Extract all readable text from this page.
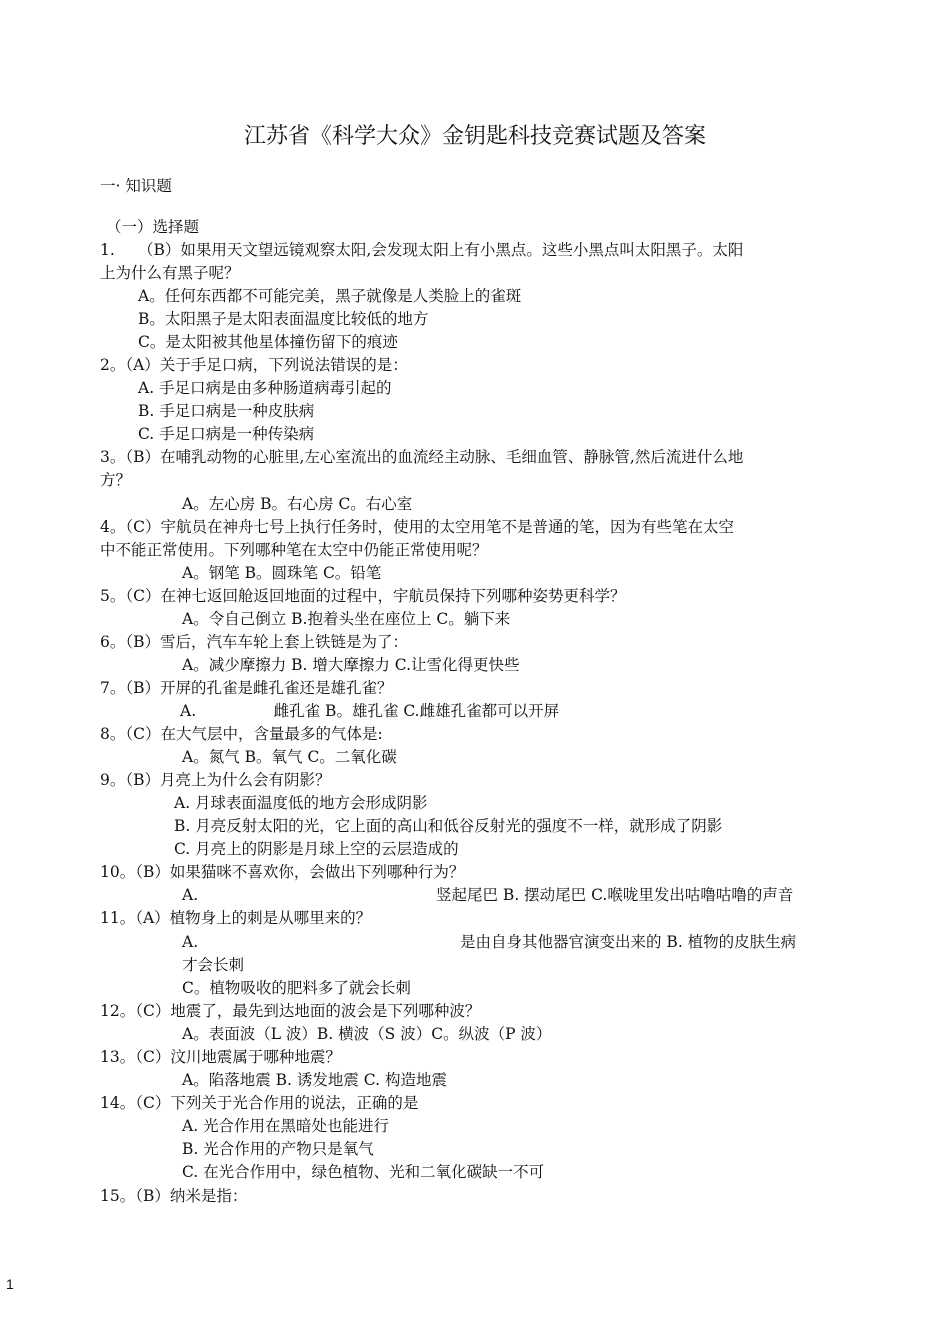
江苏省《科学大众》金钥匙科技竞赛试题及答案
一· 知识题
（一）选择题
1.　　（B）如果用天文望远镜观察太阳,会发现太阳上有小黑点。这些小黑点叫太阳黑子。太阳
上为什么有黑子呢？
A。任何东西都不可能完美，黑子就像是人类脸上的雀斑
B。太阳黑子是太阳表面温度比较低的地方
C。是太阳被其他星体撞伤留下的痕迹
2。（A）关于手足口病，下列说法错误的是：
A. 手足口病是由多种肠道病毒引起的
B. 手足口病是一种皮肤病
C. 手足口病是一种传染病
3。（B）在哺乳动物的心脏里,左心室流出的血流经主动脉、毛细血管、静脉管,然后流进什么地
方？
A。左心房 B。右心房 C。右心室
4。（C）宇航员在神舟七号上执行任务时，使用的太空用笔不是普通的笔，因为有些笔在太空
中不能正常使用。下列哪种笔在太空中仍能正常使用呢？
A。钢笔 B。圆珠笔 C。铅笔
5。（C）在神七返回舱返回地面的过程中，宇航员保持下列哪种姿势更科学？
A。令自己倒立 B.抱着头坐在座位上 C。躺下来
6。（B）雪后，汽车车轮上套上铁链是为了：
A。减少摩擦力 B. 增大摩擦力 C.让雪化得更快些
7。（B）开屏的孔雀是雌孔雀还是雄孔雀？
A.　　　　　雌孔雀 B。雄孔雀 C.雌雄孔雀都可以开屏
8。（C）在大气层中，含量最多的气体是:
A。氮气 B。氧气 C。二氧化碳
9。（B）月亮上为什么会有阴影？
A. 月球表面温度低的地方会形成阴影
B. 月亮反射太阳的光，它上面的高山和低谷反射光的强度不一样，就形成了阴影
C. 月亮上的阴影是月球上空的云层造成的
10。（B）如果猫咪不喜欢你，会做出下列哪种行为？
A.	竖起尾巴 B. 摆动尾巴 C.喉咙里发出咕噜咕噜的声音
11。（A）植物身上的刺是从哪里来的？
A.	是由自身其他器官演变出来的 B. 植物的皮肤生病
才会长刺
C。植物吸收的肥料多了就会长刺
12。（C）地震了，最先到达地面的波会是下列哪种波？
A。表面波（L 波）B. 横波（S 波）C。纵波（P 波）
13。（C）汶川地震属于哪种地震？
A。陷落地震 B. 诱发地震 C. 构造地震
14。（C）下列关于光合作用的说法，正确的是
A. 光合作用在黑暗处也能进行
B. 光合作用的产物只是氧气
C. 在光合作用中，绿色植物、光和二氧化碳缺一不可
15。（B）纳米是指：
1
